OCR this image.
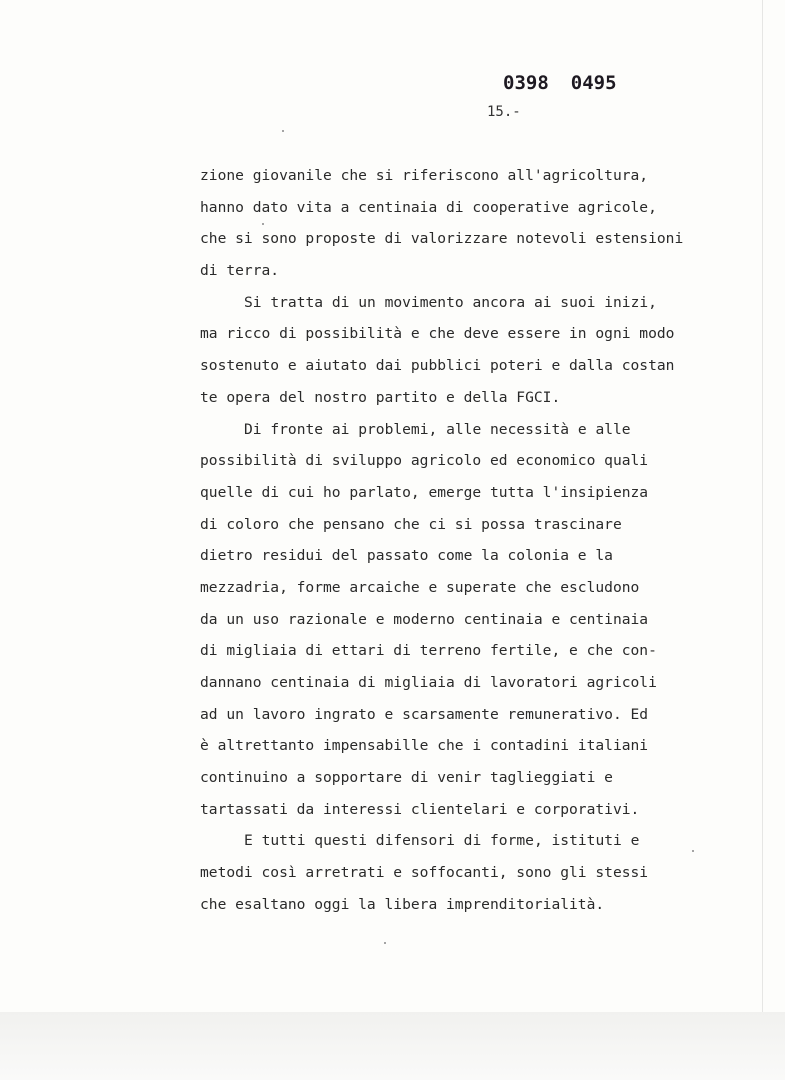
0398 0495
15.-
zione giovanile che si riferiscono all'agricoltura,
hanno dato vita a centinaia di cooperative agricole,
che si sono proposte di valorizzare notevoli estensioni
di terra.
Si tratta di un movimento ancora ai suoi inizi,
ma ricco di possibilità e che deve essere in ogni modo
sostenuto e aiutato dai pubblici poteri e dalla costan
te opera del nostro partito e della FGCI.
Di fronte ai problemi, alle necessità e alle
possibilità di sviluppo agricolo ed economico quali
quelle di cui ho parlato, emerge tutta l'insipienza
di coloro che pensano che ci si possa trascinare
dietro residui del passato come la colonia e la
mezzadria, forme arcaiche e superate che escludono
da un uso razionale e moderno centinaia e centinaia
di migliaia di ettari di terreno fertile, e che con-
dannano centinaia di migliaia di lavoratori agricoli
ad un lavoro ingrato e scarsamente remunerativo. Ed
è altrettanto impensabille che i contadini italiani
continuino a sopportare di venir taglieggiati e
tartassati da interessi clientelari e corporativi.
E tutti questi difensori di forme, istituti e
metodi così arretrati e soffocanti, sono gli stessi
che esaltano oggi la libera imprenditorialità.
